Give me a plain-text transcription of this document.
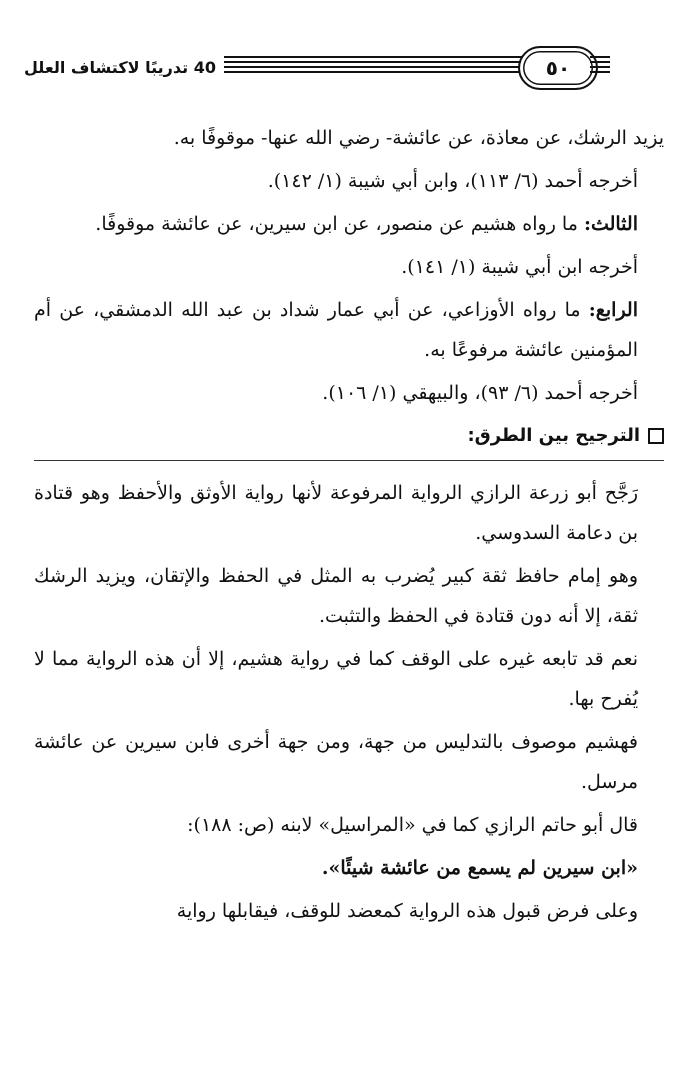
40 تدريبًا لاكتشاف العلل	٥٠

يزيد الرشك، عن معاذة، عن عائشة- رضي الله عنها- موقوفًا به.

أخرجه أحمد (٦/ ١١٣)، وابن أبي شيبة (١/ ١٤٢).

الثالث: ما رواه هشيم عن منصور، عن ابن سيرين، عن عائشة موقوفًا.

أخرجه ابن أبي شيبة (١/ ١٤١).

الرابع: ما رواه الأوزاعي، عن أبي عمار شداد بن عبد الله الدمشقي، عن أم المؤمنين عائشة مرفوعًا به.

أخرجه أحمد (٦/ ٩٣)، والبيهقي (١/ ١٠٦).

الترجيح بين الطرق:

رَجَّح أبو زرعة الرازي الرواية المرفوعة لأنها رواية الأوثق والأحفظ وهو قتادة بن دعامة السدوسي.

وهو إمام حافظ ثقة كبير يُضرب به المثل في الحفظ والإتقان، ويزيد الرشك ثقة، إلا أنه دون قتادة في الحفظ والتثبت.

نعم قد تابعه غيره على الوقف كما في رواية هشيم، إلا أن هذه الرواية مما لا يُفرح بها.

فهشيم موصوف بالتدليس من جهة، ومن جهة أخرى فابن سيرين عن عائشة مرسل.

قال أبو حاتم الرازي كما في «المراسيل» لابنه (ص: ١٨٨):

«ابن سيرين لم يسمع من عائشة شيئًا».

وعلى فرض قبول هذه الرواية كمعضد للوقف، فيقابلها رواية
